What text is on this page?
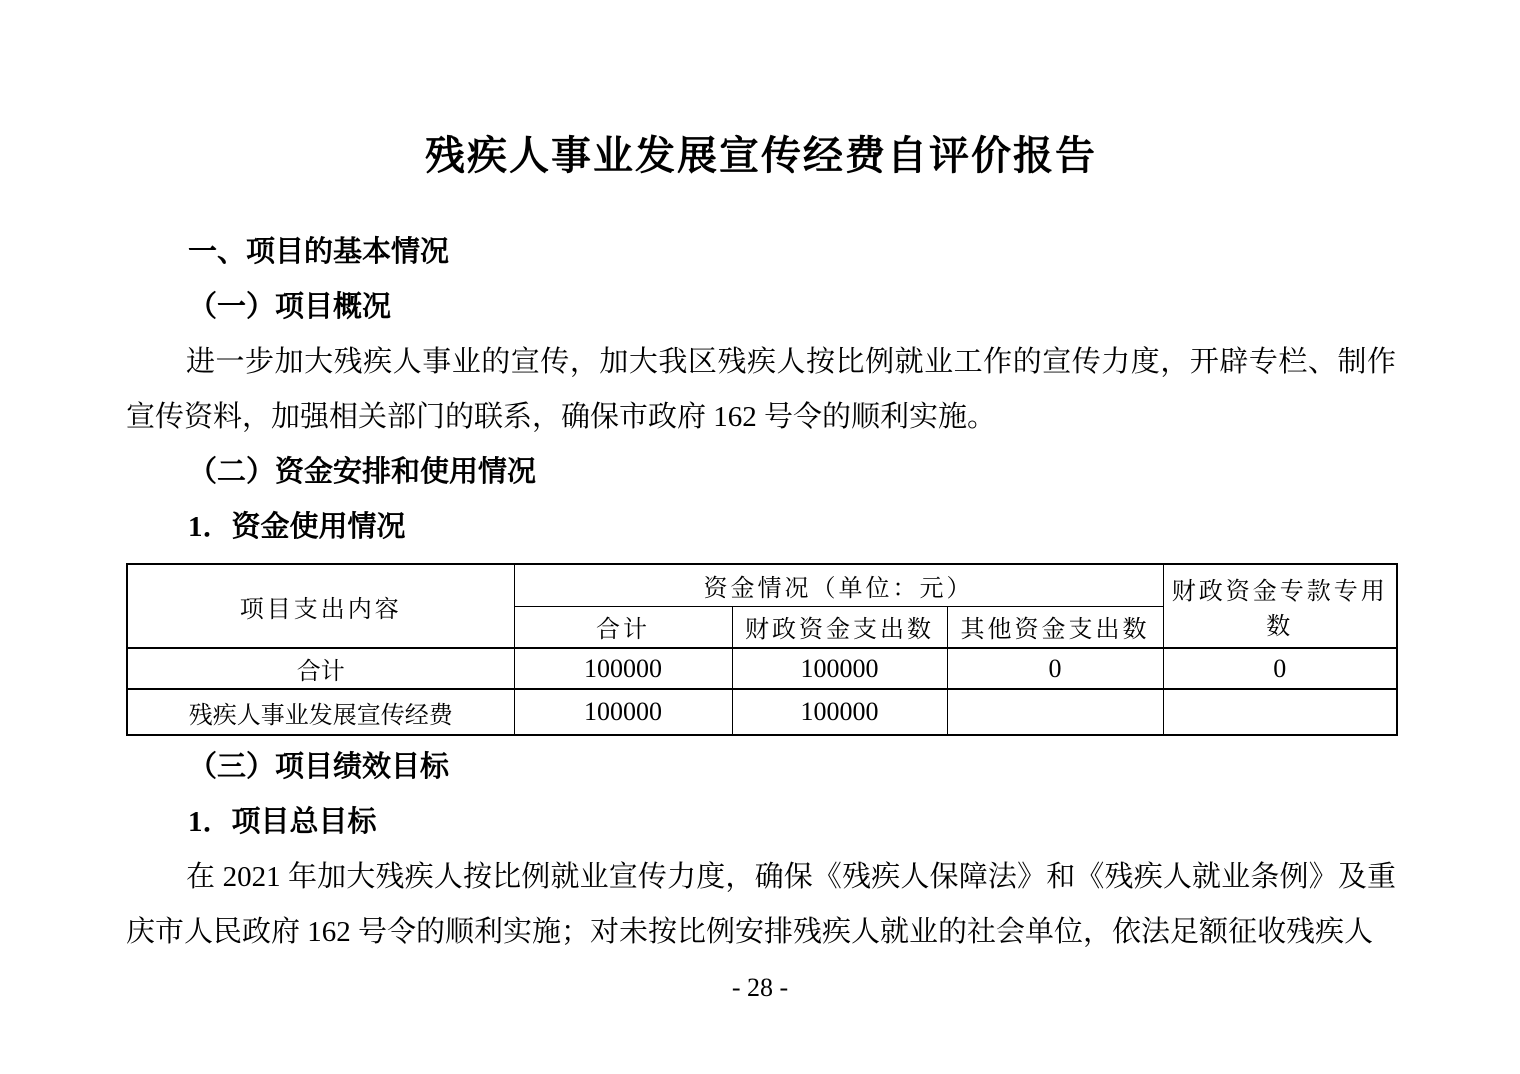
残疾人事业发展宣传经费自评价报告
一、项目的基本情况
（一）项目概况
进一步加大残疾人事业的宣传，加大我区残疾人按比例就业工作的宣传力度，开辟专栏、制作宣传资料，加强相关部门的联系，确保市政府 162 号令的顺利实施。
（二）资金安排和使用情况
1．资金使用情况
项目支出内容	资金情况（单位：元）			财政资金专款专用数
	合计	财政资金支出数	其他资金支出数	
合计	100000	100000	0	0
残疾人事业发展宣传经费	100000	100000		
（三）项目绩效目标
1．项目总目标
在 2021 年加大残疾人按比例就业宣传力度，确保《残疾人保障法》和《残疾人就业条例》及重庆市人民政府 162 号令的顺利实施；对未按比例安排残疾人就业的社会单位，依法足额征收残疾人
- 28 -
